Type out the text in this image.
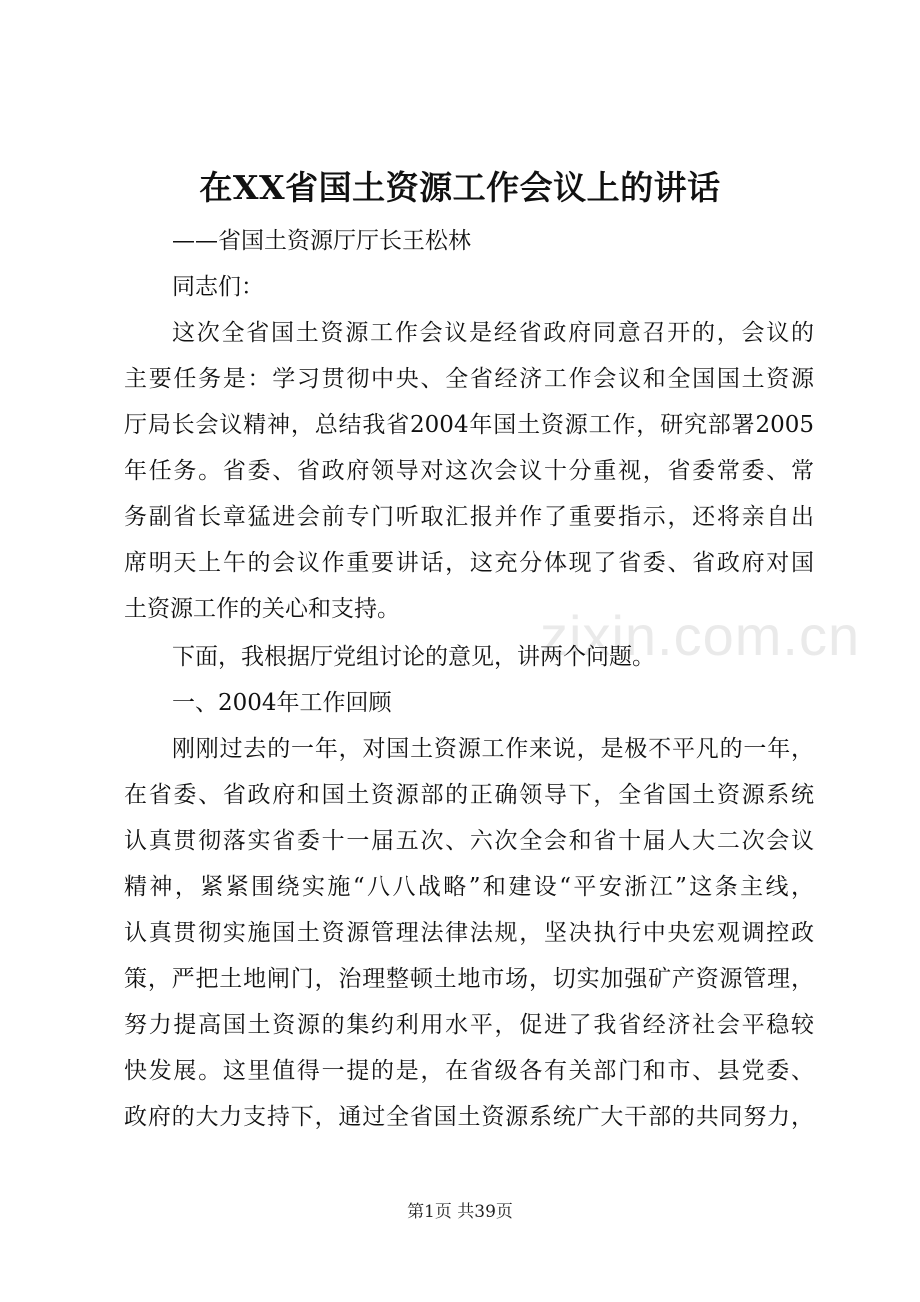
zixin.com.cn
在XX省国土资源工作会议上的讲话
——省国土资源厅厅长王松林
同志们：
这次全省国土资源工作会议是经省政府同意召开的，会议的
主要任务是：学习贯彻中央、全省经济工作会议和全国国土资源
厅局长会议精神，总结我省2004年国土资源工作，研究部署2005
年任务。省委、省政府领导对这次会议十分重视，省委常委、常
务副省长章猛进会前专门听取汇报并作了重要指示，还将亲自出
席明天上午的会议作重要讲话，这充分体现了省委、省政府对国
土资源工作的关心和支持。
下面，我根据厅党组讨论的意见，讲两个问题。
一、2004年工作回顾
刚刚过去的一年，对国土资源工作来说，是极不平凡的一年，
在省委、省政府和国土资源部的正确领导下，全省国土资源系统
认真贯彻落实省委十一届五次、六次全会和省十届人大二次会议
精神，紧紧围绕实施“八八战略”和建设“平安浙江”这条主线，
认真贯彻实施国土资源管理法律法规，坚决执行中央宏观调控政
策，严把土地闸门，治理整顿土地市场，切实加强矿产资源管理，
努力提高国土资源的集约利用水平，促进了我省经济社会平稳较
快发展。这里值得一提的是，在省级各有关部门和市、县党委、
政府的大力支持下，通过全省国土资源系统广大干部的共同努力，
第1页 共39页
